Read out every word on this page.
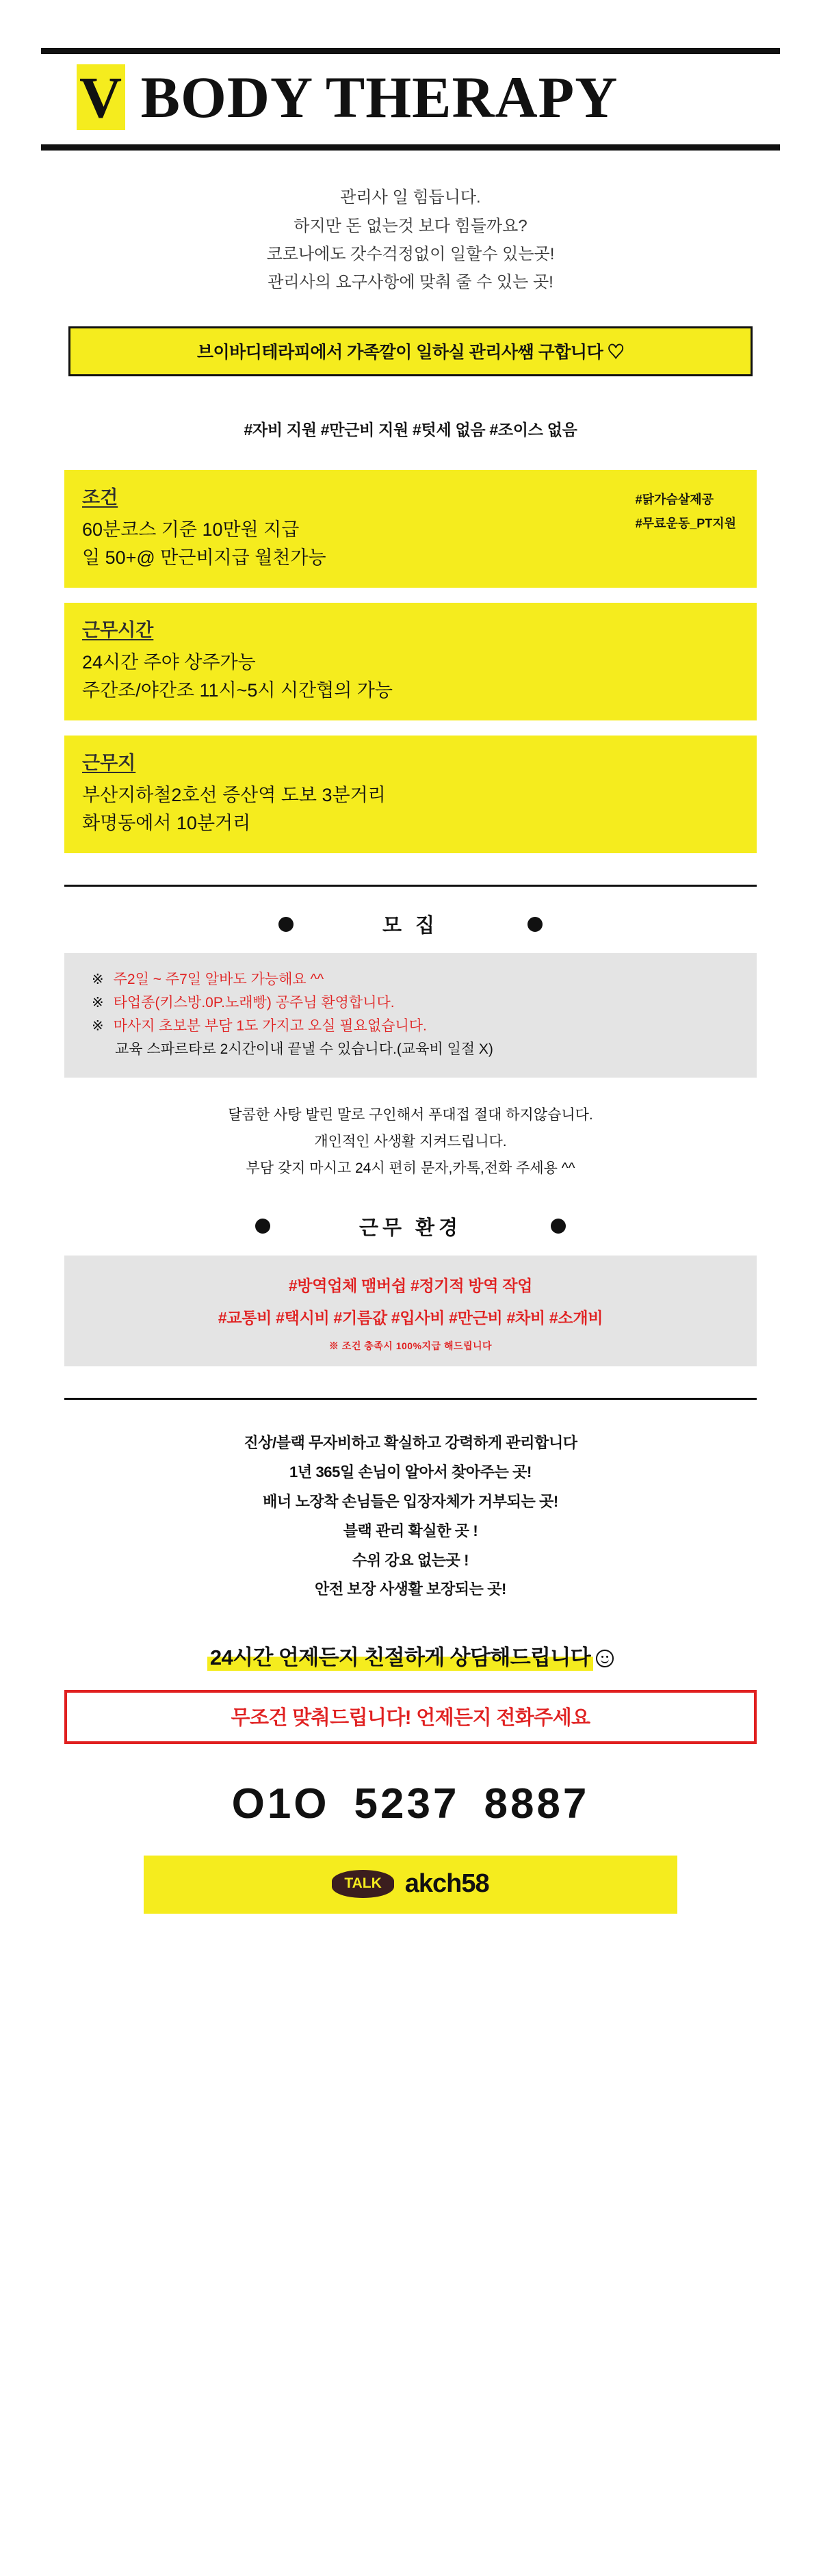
V BODY THERAPY
관리사 일 힘듭니다.
하지만 돈 없는것 보다 힘들까요?
코로나에도 갓수걱정없이 일할수 있는곳!
관리사의 요구사항에 맞춰 줄 수 있는 곳!
브이바디테라피에서 가족깔이 일하실 관리사쌤 구합니다 ♡
#자비 지원 #만근비 지원 #텃세 없음 #조이스 없음
조건
60분코스 기준 10만원 지급
일 50+@ 만근비지급 월천가능
#닭가슴살제공
#무료운동_PT지원
근무시간
24시간 주야 상주가능
주간조/야간조 11시~5시 시간협의 가능
근무지
부산지하철2호선 증산역 도보 3분거리
화명동에서 10분거리
모 집
※ 주2일 ~ 주7일 알바도 가능해요 ^^
※ 타업종(키스방.0P.노래빵) 공주님 환영합니다.
※ 마사지 초보분 부담 1도 가지고 오실 필요없습니다.
교육 스파르타로 2시간이내 끝낼 수 있습니다.(교육비 일절 X)
달콤한 사탕 발린 말로 구인해서 푸대접 절대 하지않습니다.
개인적인 사생활 지켜드립니다.
부담 갖지 마시고 24시 편히 문자,카톡,전화 주세용 ^^
근무 환경
#방역업체 맴버쉽 #정기적 방역 작업
#교통비 #택시비 #기름값 #입사비 #만근비 #차비 #소개비
※ 조건 충족시 100%지급 해드립니다
진상/블랙 무자비하고 확실하고 강력하게 관리합니다
1년 365일 손님이 알아서 찾아주는 곳!
배너 노장착 손님들은 입장자체가 거부되는 곳!
블랙 관리 확실한 곳 !
수위 강요 없는곳 !
안전 보장 사생활 보장되는 곳!
24시간 언제든지 친절하게 상담해드립니다
무조건 맞춰드립니다! 언제든지 전화주세요
O1O 5237 8887
TALK akch58
